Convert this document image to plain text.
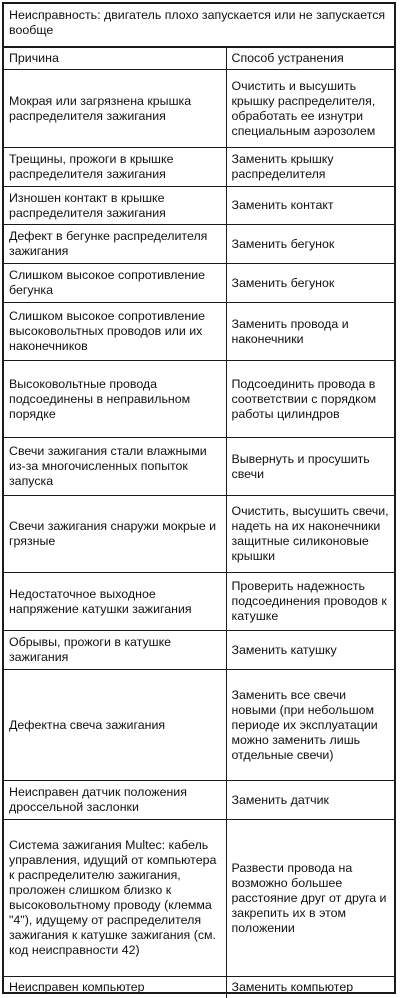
Неисправность: двигатель плохо запускается или не запускается вообще
Причина	Способ устранения
Мокрая или загрязнена крышка распределителя зажигания	Очистить и высушить крышку распределителя, обработать ее изнутри специальным аэрозолем
Трещины, прожоги в крышке распределителя зажигания	Заменить крышку распределителя
Изношен контакт в крышке распределителя зажигания	Заменить контакт
Дефект в бегунке распределителя зажигания	Заменить бегунок
Слишком высокое сопротивление бегунка	Заменить бегунок
Слишком высокое сопротивление высоковольтных проводов или их наконечников	Заменить провода и наконечники
Высоковольтные провода подсоединены в неправильном порядке	Подсоединить провода в соответствии с порядком работы цилиндров
Свечи зажигания стали влажными из-за многочисленных попыток запуска	Вывернуть и просушить свечи
Свечи зажигания снаружи мокрые и грязные	Очистить, высушить свечи, надеть на их наконечники защитные силиконовые крышки
Недостаточное выходное напряжение катушки зажигания	Проверить надежность подсоединения проводов к катушке
Обрывы, прожоги в катушке зажигания	Заменить катушку
Дефектна свеча зажигания	Заменить все свечи новыми (при небольшом периоде их эксплуатации можно заменить лишь отдельные свечи)
Неисправен датчик положения дроссельной заслонки	Заменить датчик
Система зажигания Multec: кабель управления, идущий от компьютера к распределителю зажигания, проложен слишком близко к высоковольтному проводу (клемма "4"), идущему от распределителя зажигания к катушке зажигания (см. код неисправности 42)	Развести провода на возможно большее расстояние друг от друга и закрепить их в этом положении
Неисправен компьютер	Заменить компьютер
